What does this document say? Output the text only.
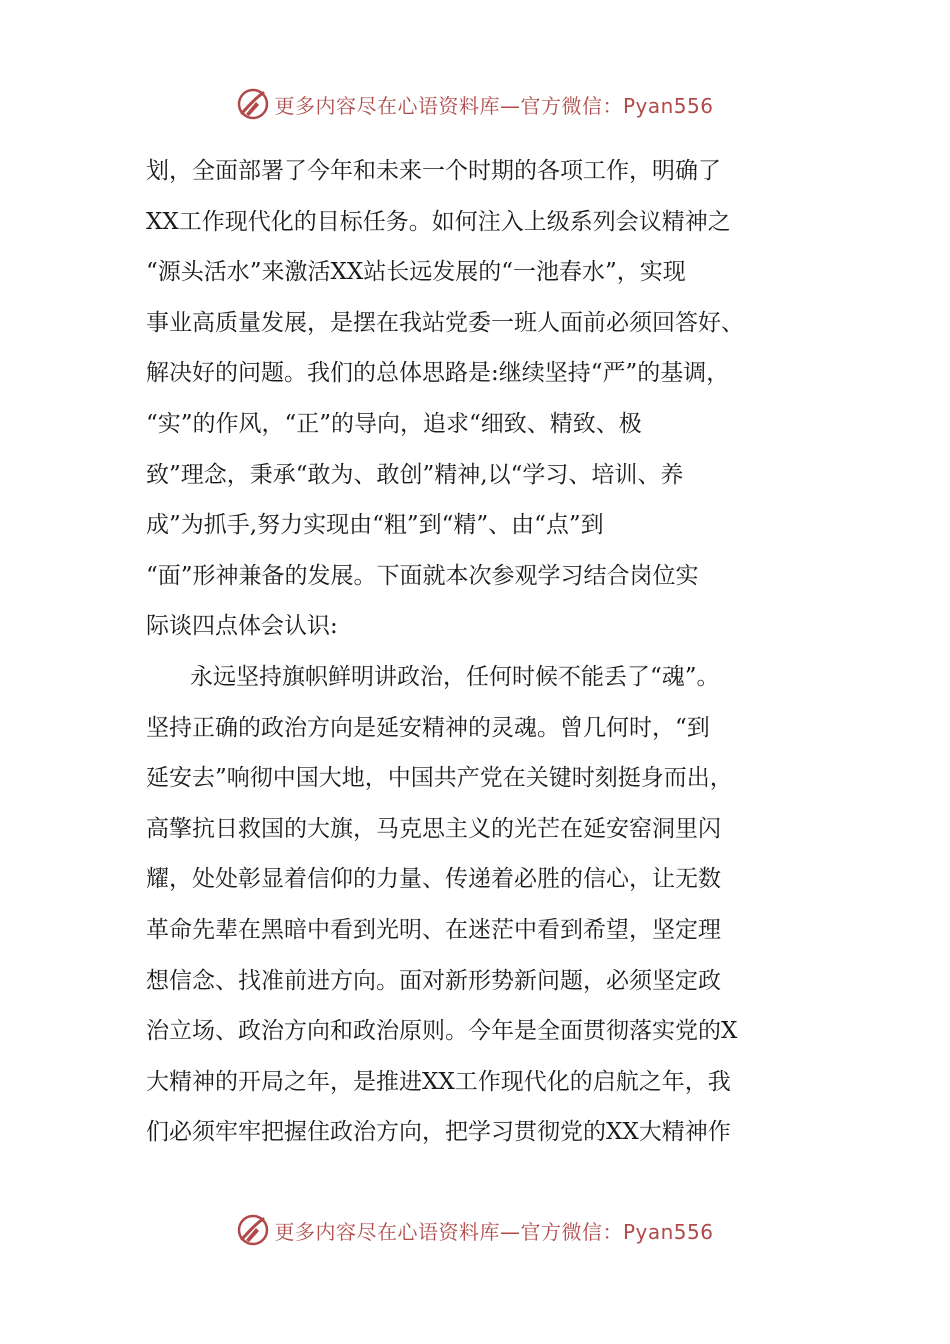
更多内容尽在心语资料库—官方微信：Pyan556
划，全面部署了今年和未来一个时期的各项工作，明确了
XX工作现代化的目标任务。如何注入上级系列会议精神之
“源头活水”来激活XX站长远发展的“一池春水”，实现
事业高质量发展，是摆在我站党委一班人面前必须回答好、
解决好的问题。我们的总体思路是:继续坚持“严”的基调，
“实”的作风，“正”的导向，追求“细致、精致、极
致”理念，秉承“敢为、敢创”精神,以“学习、培训、养
成”为抓手,努力实现由“粗”到“精”、由“点”到
“面”形神兼备的发展。下面就本次参观学习结合岗位实
际谈四点体会认识:
永远坚持旗帜鲜明讲政治，任何时候不能丢了“魂”。
坚持正确的政治方向是延安精神的灵魂。曾几何时，“到
延安去”响彻中国大地，中国共产党在关键时刻挺身而出，
高擎抗日救国的大旗，马克思主义的光芒在延安窑洞里闪
耀，处处彰显着信仰的力量、传递着必胜的信心，让无数
革命先辈在黑暗中看到光明、在迷茫中看到希望，坚定理
想信念、找准前进方向。面对新形势新问题，必须坚定政
治立场、政治方向和政治原则。今年是全面贯彻落实党的X
大精神的开局之年，是推进XX工作现代化的启航之年，我
们必须牢牢把握住政治方向，把学习贯彻党的XX大精神作
更多内容尽在心语资料库—官方微信：Pyan556
